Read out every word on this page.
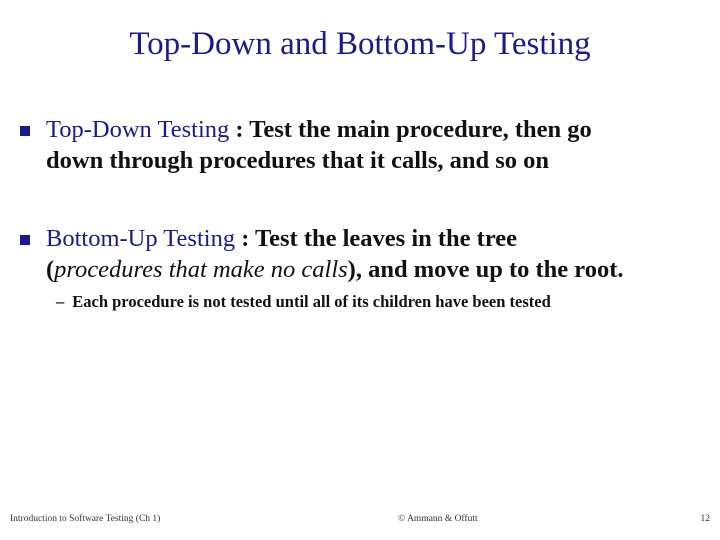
Top-Down and Bottom-Up Testing
Top-Down Testing : Test the main procedure, then go
down through procedures that it calls, and so on
Bottom-Up Testing : Test the leaves in the tree
(procedures that make no calls), and move up to the root.
– Each procedure is not tested until all of its children have been tested
Introduction to Software Testing (Ch 1)	© Ammann & Offutt	12
